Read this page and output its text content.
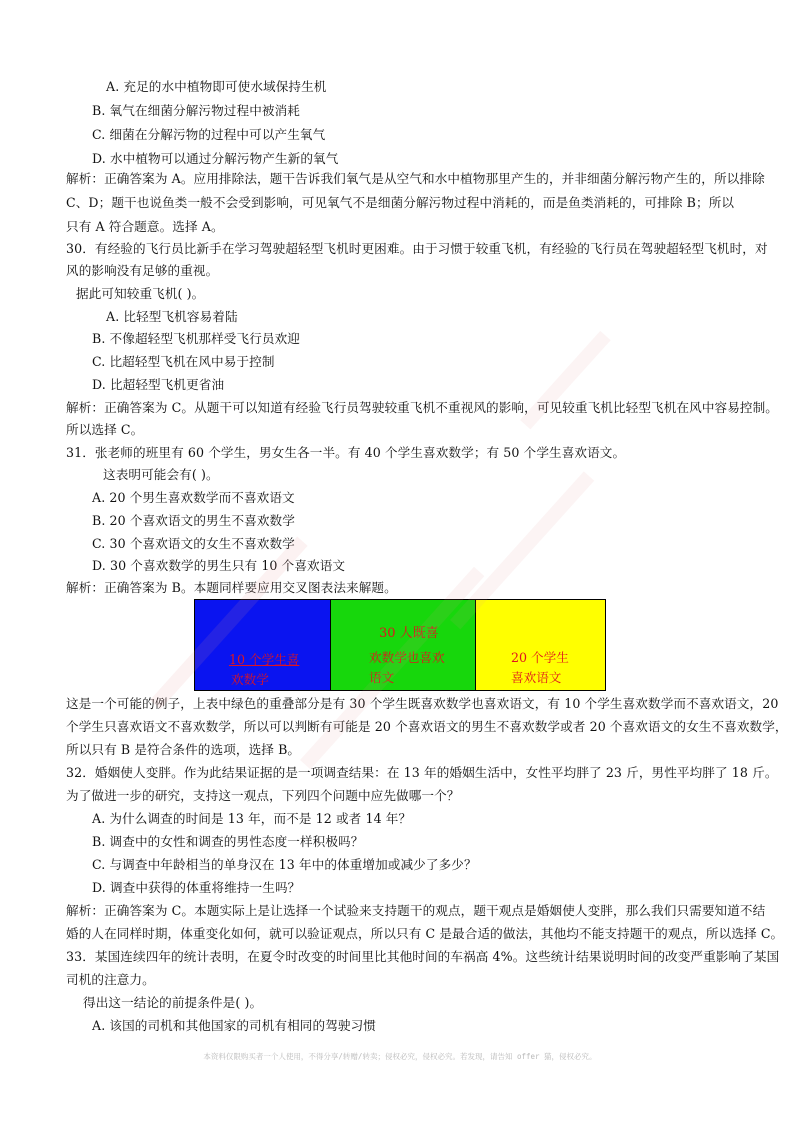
A. 充足的水中植物即可使水域保持生机
B. 氧气在细菌分解污物过程中被消耗
C. 细菌在分解污物的过程中可以产生氧气
D. 水中植物可以通过分解污物产生新的氧气
解析：正确答案为 A。应用排除法，题干告诉我们氧气是从空气和水中植物那里产生的，并非细菌分解污物产生的，所以排除
C、D；题干也说鱼类一般不会受到影响，可见氧气不是细菌分解污物过程中消耗的，而是鱼类消耗的，可排除 B；所以
只有 A 符合题意。选择 A。
30．有经验的飞行员比新手在学习驾驶超轻型飞机时更困难。由于习惯于较重飞机，有经验的飞行员在驾驶超轻型飞机时，对
风的影响没有足够的重视。
据此可知较重飞机( )。
A. 比轻型飞机容易着陆
B. 不像超轻型飞机那样受飞行员欢迎
C. 比超轻型飞机在风中易于控制
D. 比超轻型飞机更省油
解析：正确答案为 C。从题干可以知道有经验飞行员驾驶较重飞机不重视风的影响，可见较重飞机比轻型飞机在风中容易控制。
所以选择 C。
31．张老师的班里有 60 个学生，男女生各一半。有 40 个学生喜欢数学；有 50 个学生喜欢语文。
这表明可能会有( )。
A. 20 个男生喜欢数学而不喜欢语文
B. 20 个喜欢语文的男生不喜欢数学
C. 30 个喜欢语文的女生不喜欢数学
D. 30 个喜欢数学的男生只有 10 个喜欢语文
解析：正确答案为 B。本题同样要应用交叉图表法来解题。
10 个学生喜
欢数学
30 人既喜
欢数学也喜欢
语文
20 个学生
喜欢语文
这是一个可能的例子，上表中绿色的重叠部分是有 30 个学生既喜欢数学也喜欢语文，有 10 个学生喜欢数学而不喜欢语文，20
个学生只喜欢语文不喜欢数学，所以可以判断有可能是 20 个喜欢语文的男生不喜欢数学或者 20 个喜欢语文的女生不喜欢数学，
所以只有 B 是符合条件的选项，选择 B。
32．婚姻使人变胖。作为此结果证据的是一项调查结果：在 13 年的婚姻生活中，女性平均胖了 23 斤，男性平均胖了 18 斤。
为了做进一步的研究，支持这一观点，下列四个问题中应先做哪一个？
A. 为什么调查的时间是 13 年，而不是 12 或者 14 年？
B. 调查中的女性和调查的男性态度一样积极吗？
C. 与调查中年龄相当的单身汉在 13 年中的体重增加或减少了多少？
D. 调查中获得的体重将维持一生吗？
解析：正确答案为 C。本题实际上是让选择一个试验来支持题干的观点，题干观点是婚姻使人变胖，那么我们只需要知道不结
婚的人在同样时期，体重变化如何，就可以验证观点，所以只有 C 是最合适的做法，其他均不能支持题干的观点，所以选择 C。
33．某国连续四年的统计表明，在夏令时改变的时间里比其他时间的车祸高 4%。这些统计结果说明时间的改变严重影响了某国
司机的注意力。
得出这一结论的前提条件是( )。
A. 该国的司机和其他国家的司机有相同的驾驶习惯
本资料仅限购买者一个人使用，不得分享/转赠/转卖；侵权必究，侵权必究。若发现，请告知 offer 猫，侵权必究。
